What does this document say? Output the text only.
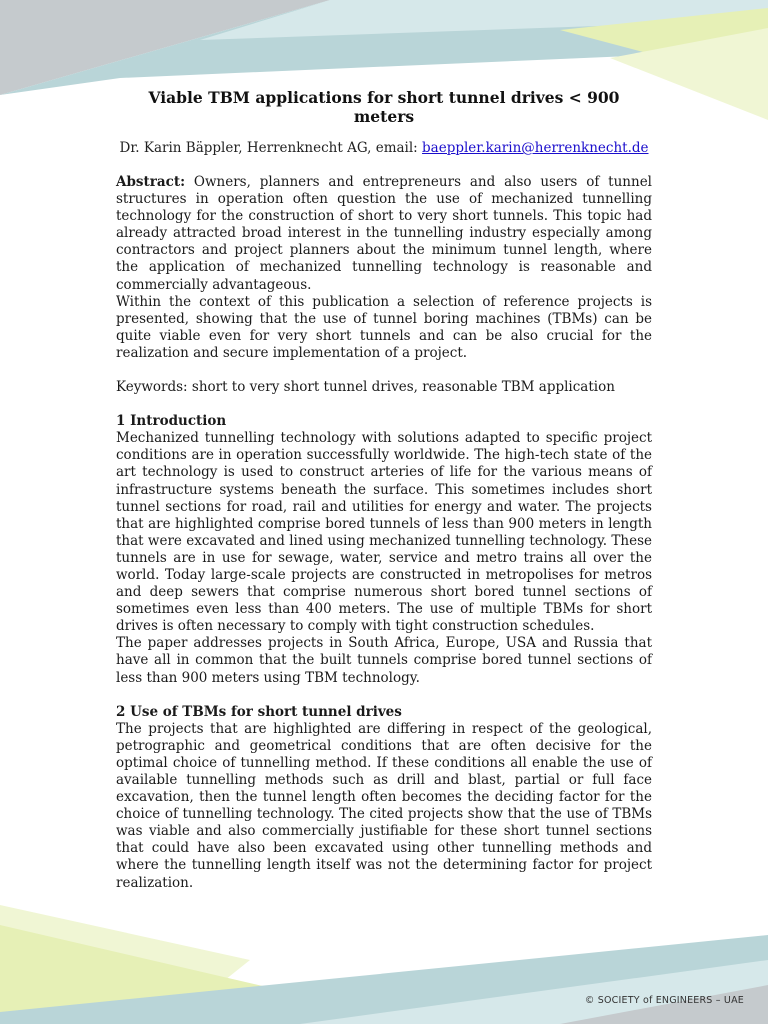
Viable TBM applications for short tunnel drives < 900 meters
Dr. Karin Bäppler, Herrenknecht AG, email: baeppler.karin@herrenknecht.de

Abstract: Owners, planners and entrepreneurs and also users of tunnel structures in operation often question the use of mechanized tunnelling technology for the construction of short to very short tunnels. This topic had already attracted broad interest in the tunnelling industry especially among contractors and project planners about the minimum tunnel length, where the application of mechanized tunnelling technology is reasonable and commercially advantageous.

Within the context of this publication a selection of reference projects is presented, showing that the use of tunnel boring machines (TBMs) can be quite viable even for very short tunnels and can be also crucial for the realization and secure implementation of a project.

Keywords: short to very short tunnel drives, reasonable TBM application

1 Introduction

Mechanized tunnelling technology with solutions adapted to specific project conditions are in operation successfully worldwide. The high-tech state of the art technology is used to construct arteries of life for the various means of infrastructure systems beneath the surface. This sometimes includes short tunnel sections for road, rail and utilities for energy and water. The projects that are highlighted comprise bored tunnels of less than 900 meters in length that were excavated and lined using mechanized tunnelling technology. These tunnels are in use for sewage, water, service and metro trains all over the world. Today large-scale projects are constructed in metropolises for metros and deep sewers that comprise numerous short bored tunnel sections of sometimes even less than 400 meters. The use of multiple TBMs for short drives is often necessary to comply with tight construction schedules.

The paper addresses projects in South Africa, Europe, USA and Russia that have all in common that the built tunnels comprise bored tunnel sections of less than 900 meters using TBM technology.

2 Use of TBMs for short tunnel drives

The projects that are highlighted are differing in respect of the geological, petrographic and geometrical conditions that are often decisive for the optimal choice of tunnelling method. If these conditions all enable the use of available tunnelling methods such as drill and blast, partial or full face excavation, then the tunnel length often becomes the deciding factor for the choice of tunnelling technology. The cited projects show that the use of TBMs was viable and also commercially justifiable for these short tunnel sections that could have also been excavated using other tunnelling methods and where the tunnelling length itself was not the determining factor for project realization.

© SOCIETY of ENGINEERS – UAE
